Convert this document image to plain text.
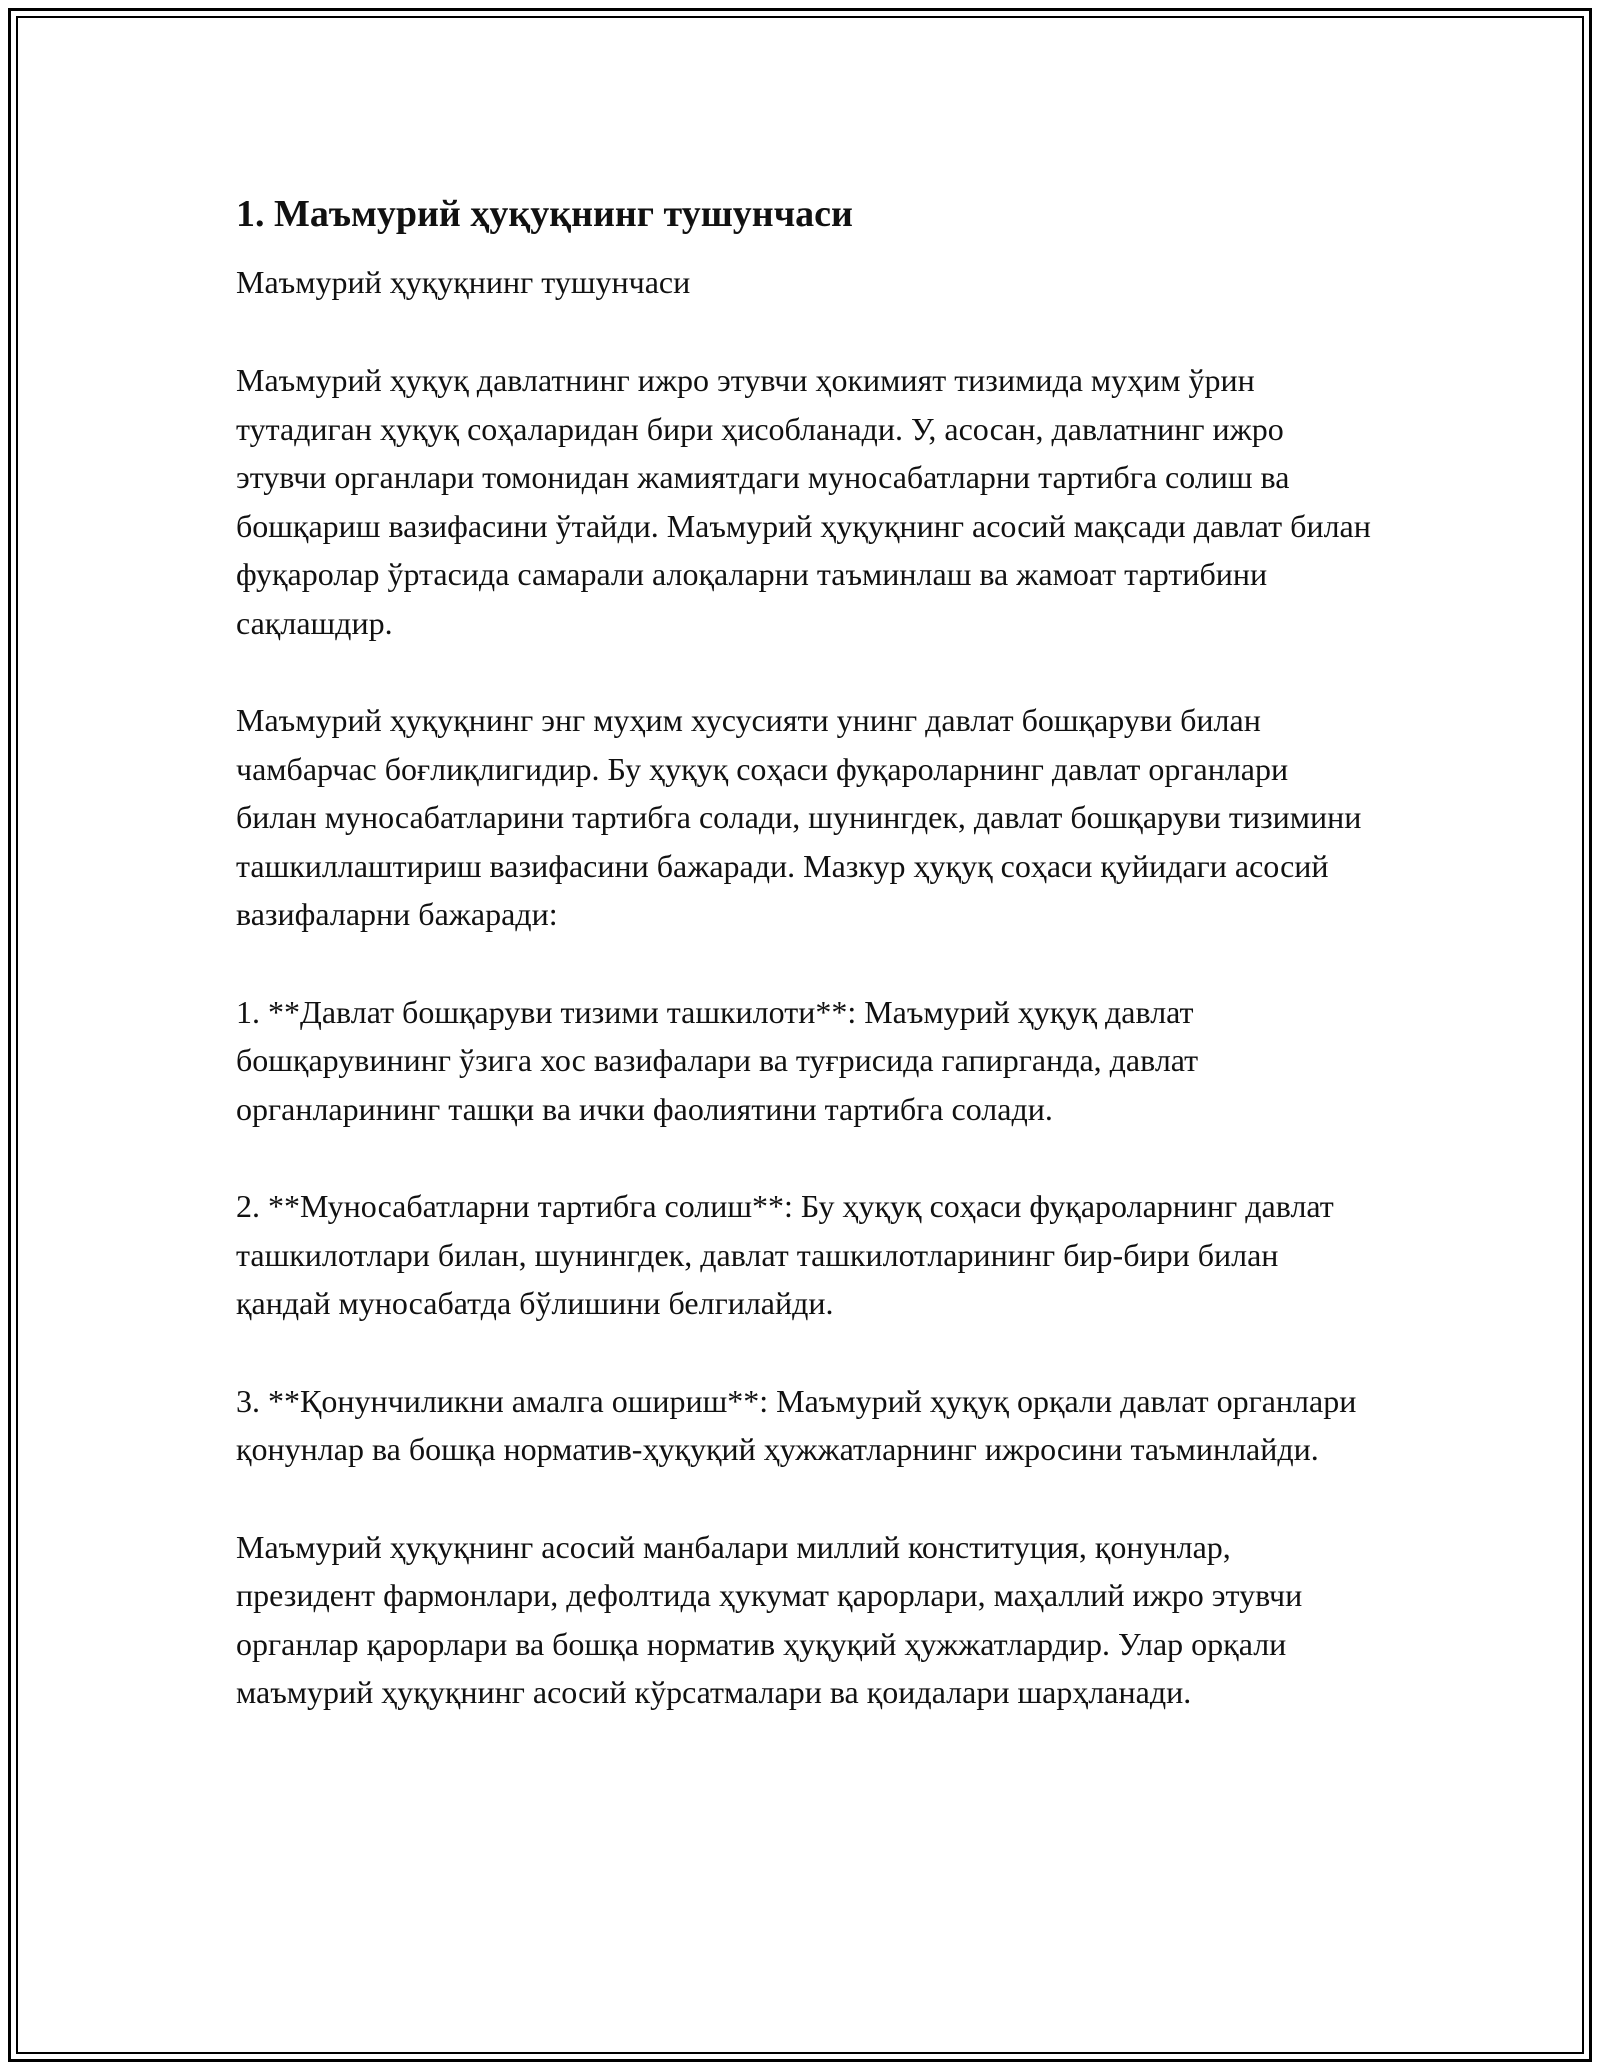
1. Маъмурий ҳуқуқнинг тушунчаси

Маъмурий ҳуқуқнинг тушунчаси

Маъмурий ҳуқуқ давлатнинг ижро этувчи ҳокимият тизимида муҳим ўрин тутадиган ҳуқуқ соҳаларидан бири ҳисобланади. У, асосан, давлатнинг ижро этувчи органлари томонидан жамиятдаги муносабатларни тартибга солиш ва бошқариш вазифасини ўтайди. Маъмурий ҳуқуқнинг асосий мақсади давлат билан фуқаролар ўртасида самарали алоқаларни таъминлаш ва жамоат тартибини сақлашдир.

Маъмурий ҳуқуқнинг энг муҳим хусусияти унинг давлат бошқаруви билан чамбарчас боғлиқлигидир. Бу ҳуқуқ соҳаси фуқароларнинг давлат органлари билан муносабатларини тартибга солади, шунингдек, давлат бошқаруви тизимини ташкиллаштириш вазифасини бажаради. Мазкур ҳуқуқ соҳаси қуйидаги асосий вазифаларни бажаради:

1. **Давлат бошқаруви тизими ташкилоти**: Маъмурий ҳуқуқ давлат бошқарувининг ўзига хос вазифалари ва туғрисида гапирганда, давлат органларининг ташқи ва ички фаолиятини тартибга солади.

2. **Муносабатларни тартибга солиш**: Бу ҳуқуқ соҳаси фуқароларнинг давлат ташкилотлари билан, шунингдек, давлат ташкилотларининг бир-бири билан қандай муносабатда бўлишини белгилайди.

3. **Қонунчиликни амалга ошириш**: Маъмурий ҳуқуқ орқали давлат органлари қонунлар ва бошқа норматив-ҳуқуқий ҳужжатларнинг ижросини таъминлайди.

Маъмурий ҳуқуқнинг асосий манбалари миллий конституция, қонунлар, президент фармонлари, дефолтида ҳукумат қарорлари, маҳаллий ижро этувчи органлар қарорлари ва бошқа норматив ҳуқуқий ҳужжатлардир. Улар орқали маъмурий ҳуқуқнинг асосий кўрсатмалари ва қоидалари шарҳланади.
